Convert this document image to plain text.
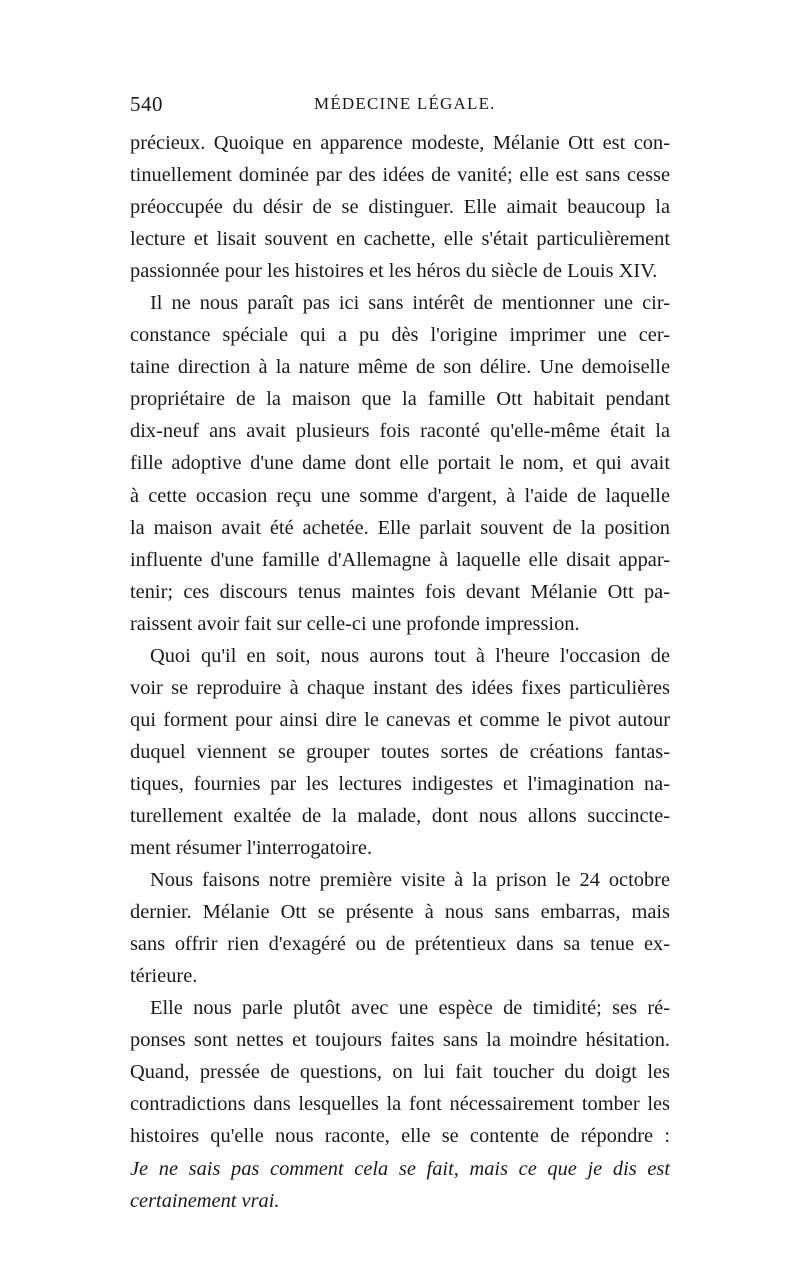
540	MÉDECINE LÉGALE.
précieux. Quoique en apparence modeste, Mélanie Ott est con-
tinuellement dominée par des idées de vanité; elle est sans cesse
préoccupée du désir de se distinguer. Elle aimait beaucoup la
lecture et lisait souvent en cachette, elle s'était particulièrement
passionnée pour les histoires et les héros du siècle de Louis XIV.
Il ne nous paraît pas ici sans intérêt de mentionner une cir-
constance spéciale qui a pu dès l'origine imprimer une cer-
taine direction à la nature même de son délire. Une demoiselle
propriétaire de la maison que la famille Ott habitait pendant
dix-neuf ans avait plusieurs fois raconté qu'elle-même était la
fille adoptive d'une dame dont elle portait le nom, et qui avait
à cette occasion reçu une somme d'argent, à l'aide de laquelle
la maison avait été achetée. Elle parlait souvent de la position
influente d'une famille d'Allemagne à laquelle elle disait appar-
tenir; ces discours tenus maintes fois devant Mélanie Ott pa-
raissent avoir fait sur celle-ci une profonde impression.
Quoi qu'il en soit, nous aurons tout à l'heure l'occasion de
voir se reproduire à chaque instant des idées fixes particulières
qui forment pour ainsi dire le canevas et comme le pivot autour
duquel viennent se grouper toutes sortes de créations fantas-
tiques, fournies par les lectures indigestes et l'imagination na-
turellement exaltée de la malade, dont nous allons succincte-
ment résumer l'interrogatoire.
Nous faisons notre première visite à la prison le 24 octobre
dernier. Mélanie Ott se présente à nous sans embarras, mais
sans offrir rien d'exagéré ou de prétentieux dans sa tenue ex-
térieure.
Elle nous parle plutôt avec une espèce de timidité; ses ré-
ponses sont nettes et toujours faites sans la moindre hésitation.
Quand, pressée de questions, on lui fait toucher du doigt les
contradictions dans lesquelles la font nécessairement tomber les
histoires qu'elle nous raconte, elle se contente de répondre :
Je ne sais pas comment cela se fait, mais ce que je dis est
certainement vrai.
